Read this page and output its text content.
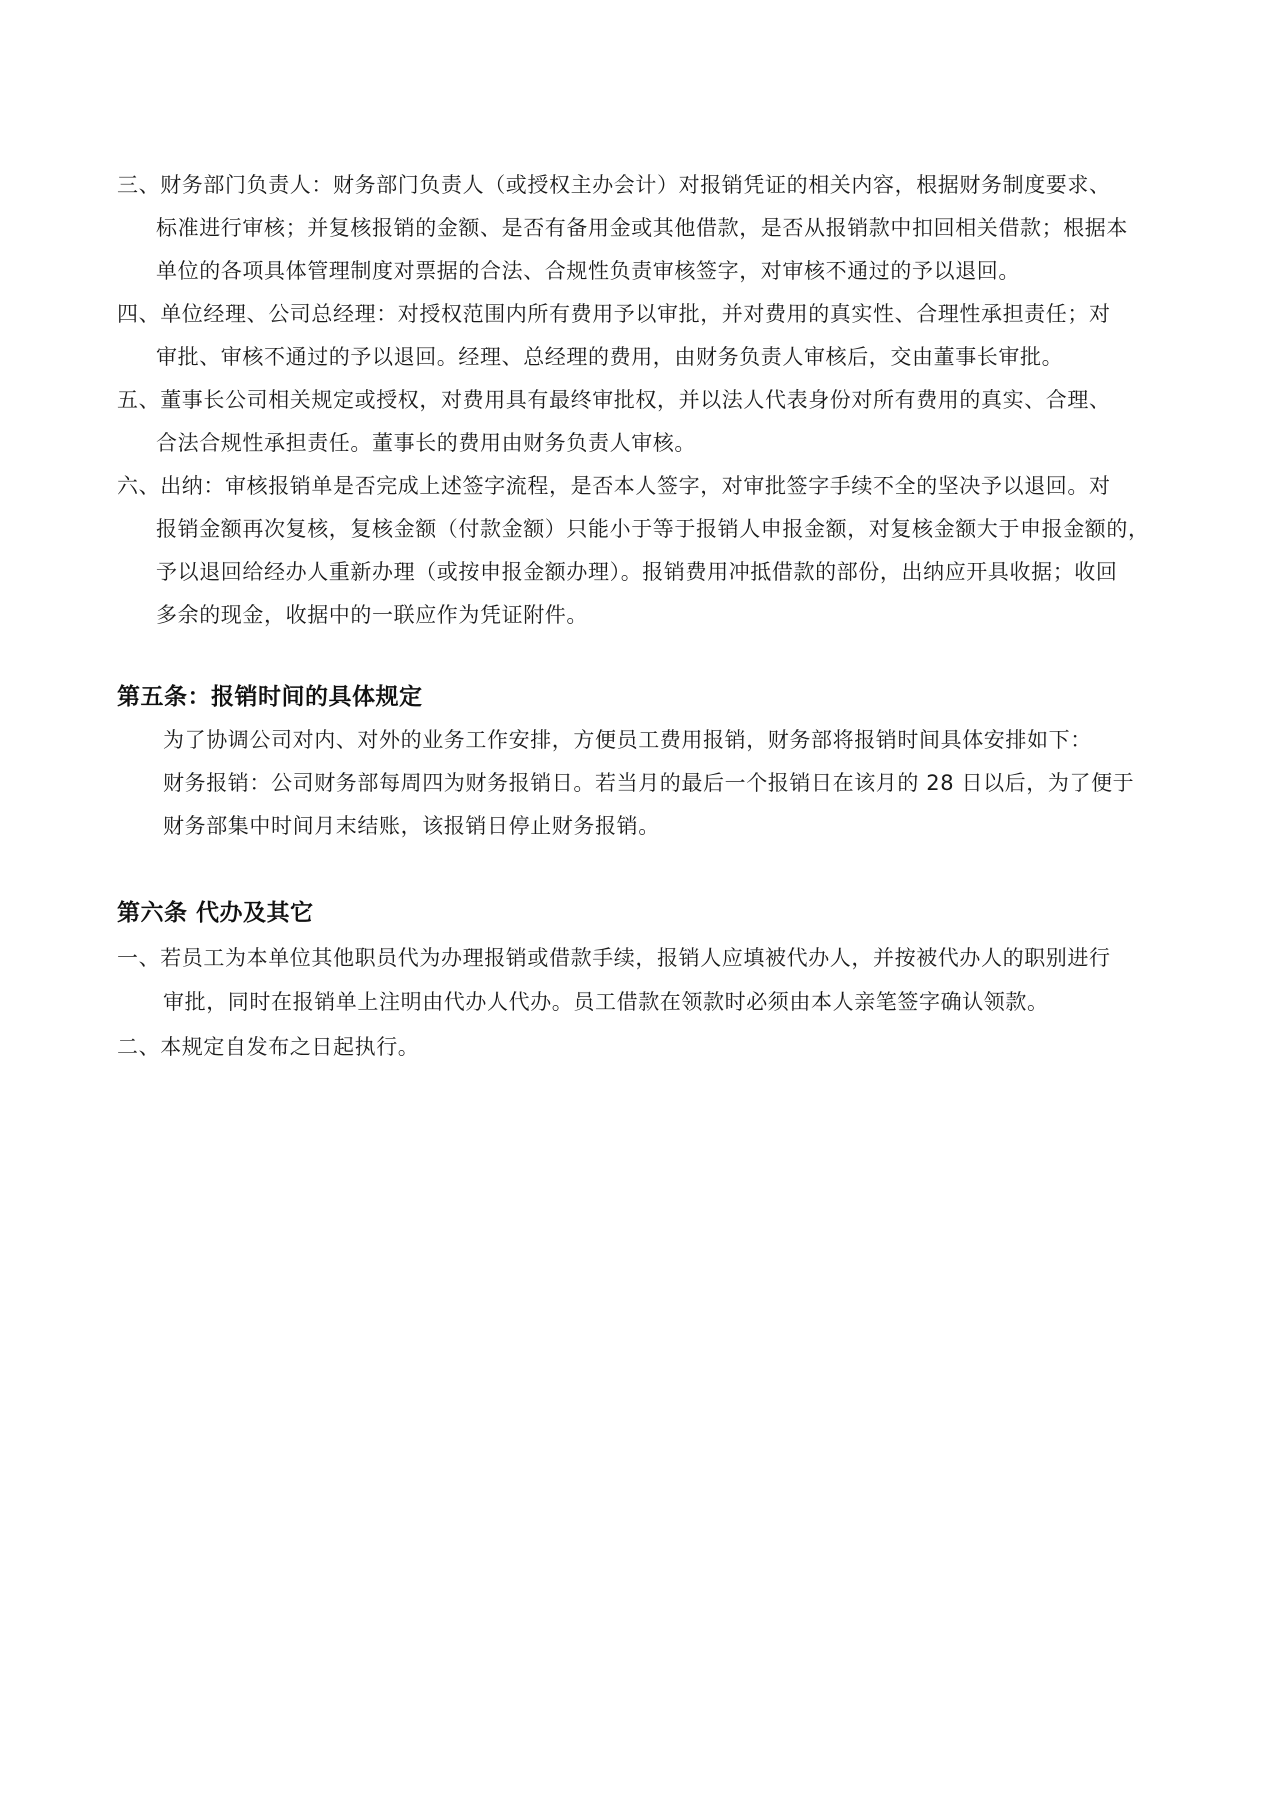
三、财务部门负责人：财务部门负责人（或授权主办会计）对报销凭证的相关内容，根据财务制度要求、
标准进行审核；并复核报销的金额、是否有备用金或其他借款，是否从报销款中扣回相关借款；根据本
单位的各项具体管理制度对票据的合法、合规性负责审核签字，对审核不通过的予以退回。
四、单位经理、公司总经理：对授权范围内所有费用予以审批，并对费用的真实性、合理性承担责任；对
审批、审核不通过的予以退回。经理、总经理的费用，由财务负责人审核后，交由董事长审批。
五、董事长公司相关规定或授权，对费用具有最终审批权，并以法人代表身份对所有费用的真实、合理、
合法合规性承担责任。董事长的费用由财务负责人审核。
六、出纳：审核报销单是否完成上述签字流程，是否本人签字，对审批签字手续不全的坚决予以退回。对
报销金额再次复核，复核金额（付款金额）只能小于等于报销人申报金额，对复核金额大于申报金额的，
予以退回给经办人重新办理（或按申报金额办理）。报销费用冲抵借款的部份，出纳应开具收据；收回
多余的现金，收据中的一联应作为凭证附件。
第五条：报销时间的具体规定
为了协调公司对内、对外的业务工作安排，方便员工费用报销，财务部将报销时间具体安排如下：
财务报销：公司财务部每周四为财务报销日。若当月的最后一个报销日在该月的 28 日以后，为了便于
财务部集中时间月末结账，该报销日停止财务报销。
第六条 代办及其它
一、若员工为本单位其他职员代为办理报销或借款手续，报销人应填被代办人，并按被代办人的职别进行
审批，同时在报销单上注明由代办人代办。员工借款在领款时必须由本人亲笔签字确认领款。
二、本规定自发布之日起执行。
